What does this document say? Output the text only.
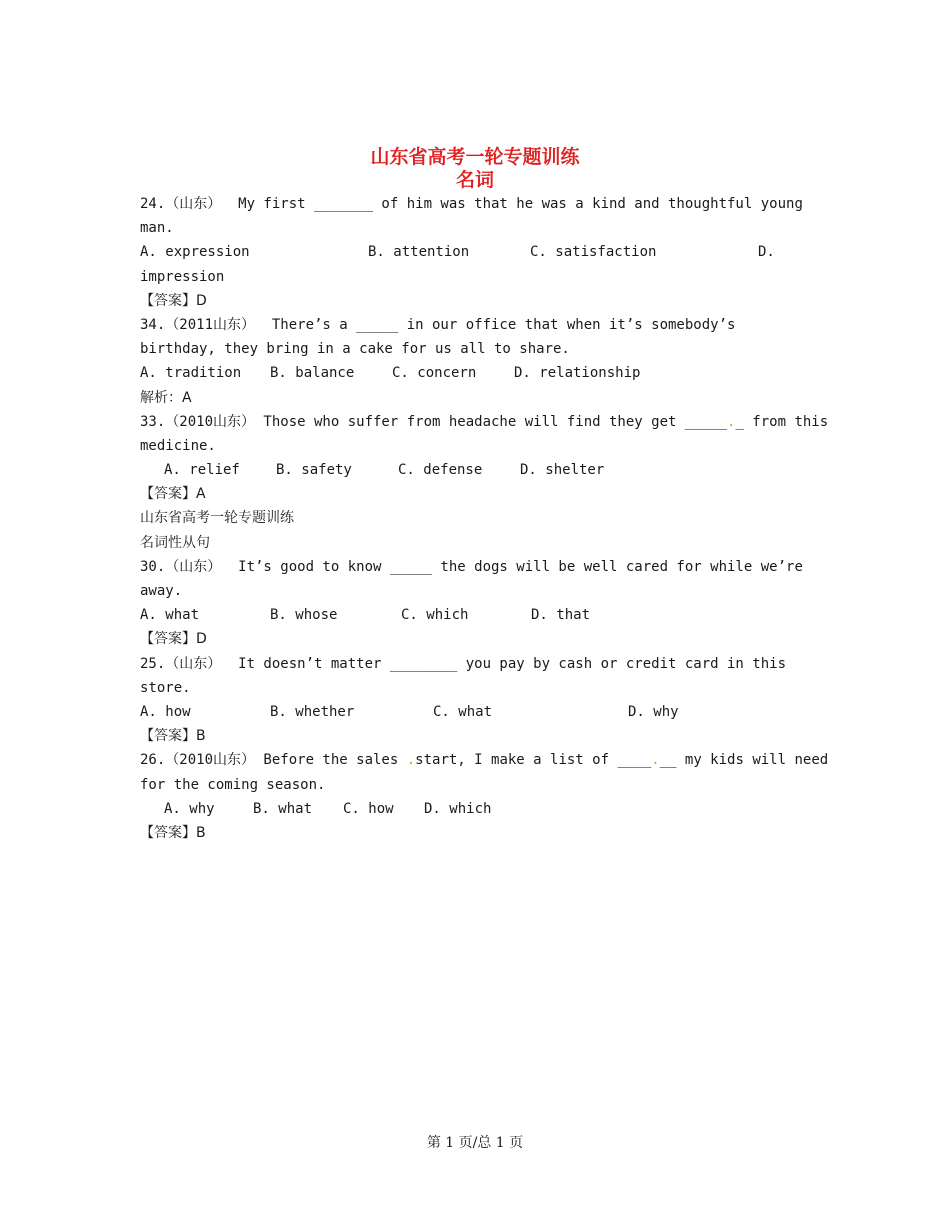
山东省高考一轮专题训练
名词
24.（山东）  My first _______ of him was that he was a kind and thoughtful young
man.
A. expression	B. attention	C. satisfaction	D.
impression
【答案】D
34.（2011山东）  There’s a _____ in our office that when it’s somebody’s
birthday, they bring in a cake for us all to share.
A. tradition	B. balance	C. concern	D. relationship
解析：A
33.（2010山东） Those who suffer from headache will find they get _____._ from this
medicine.
A. relief	B. safety	C. defense	D. shelter
【答案】A
山东省高考一轮专题训练
名词性从句
30.（山东）  It’s good to know _____ the dogs will be well cared for while we’re
away.
A. what	B. whose	C. which	D. that
【答案】D
25.（山东）  It doesn’t matter ________ you pay by cash or credit card in this
store.
A. how	B. whether	C. what	D. why
【答案】B
26.（2010山东） Before the sales .start, I make a list of ____.__ my kids will need
for the coming season.
A. why	B. what	C. how	D. which
【答案】B
第 1 页/总 1 页
